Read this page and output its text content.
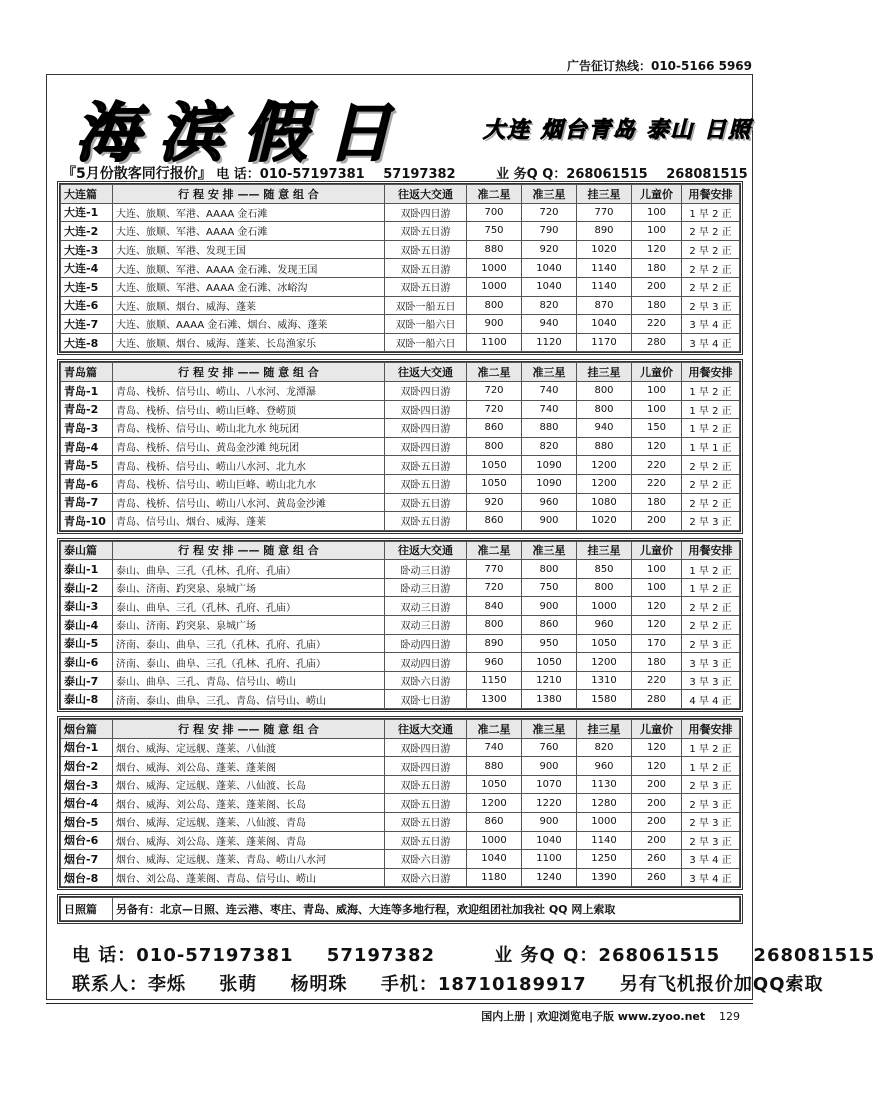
广告征订热线：010-5166 5969
海滨假日	大连 烟台青岛 泰山 日照
『5月份散客同行报价』 电 话：010-57197381 57197382	业 务Q Q：268061515 268081515
大连篇	行 程 安 排 —— 随 意 组 合	往返大交通	准二星	准三星	挂三星	儿童价	用餐安排
大连-1	大连、旅顺、军港、AAAA 金石滩	双卧四日游	700	720	770	100	1 早 2 正
大连-2	大连、旅顺、军港、AAAA 金石滩	双卧五日游	750	790	890	100	2 早 2 正
大连-3	大连、旅顺、军港、发现王国	双卧五日游	880	920	1020	120	2 早 2 正
大连-4	大连、旅顺、军港、AAAA 金石滩、发现王国	双卧五日游	1000	1040	1140	180	2 早 2 正
大连-5	大连、旅顺、军港、AAAA 金石滩、冰峪沟	双卧五日游	1000	1040	1140	200	2 早 2 正
大连-6	大连、旅顺、烟台、威海、蓬莱	双卧一船五日	800	820	870	180	2 早 3 正
大连-7	大连、旅顺、AAAA 金石滩、烟台、威海、蓬莱	双卧一船六日	900	940	1040	220	3 早 4 正
大连-8	大连、旅顺、烟台、威海、蓬莱、长岛渔家乐	双卧一船六日	1100	1120	1170	280	3 早 4 正
青岛篇	行 程 安 排 —— 随 意 组 合	往返大交通	准二星	准三星	挂三星	儿童价	用餐安排
青岛-1	青岛、栈桥、信号山、崂山、八水河、龙潭瀑	双卧四日游	720	740	800	100	1 早 2 正
青岛-2	青岛、栈桥、信号山、崂山巨峰、登崂顶	双卧四日游	720	740	800	100	1 早 2 正
青岛-3	青岛、栈桥、信号山、崂山北九水 纯玩团	双卧四日游	860	880	940	150	1 早 2 正
青岛-4	青岛、栈桥、信号山、黄岛金沙滩 纯玩团	双卧四日游	800	820	880	120	1 早 1 正
青岛-5	青岛、栈桥、信号山、崂山八水河、北九水	双卧五日游	1050	1090	1200	220	2 早 2 正
青岛-6	青岛、栈桥、信号山、崂山巨峰、崂山北九水	双卧五日游	1050	1090	1200	220	2 早 2 正
青岛-7	青岛、栈桥、信号山、崂山八水河、黄岛金沙滩	双卧五日游	920	960	1080	180	2 早 2 正
青岛-10	青岛、信号山、烟台、威海、蓬莱	双卧五日游	860	900	1020	200	2 早 3 正
泰山篇	行 程 安 排 —— 随 意 组 合	往返大交通	准二星	准三星	挂三星	儿童价	用餐安排
泰山-1	泰山、曲阜、三孔（孔林、孔府、孔庙）	卧动三日游	770	800	850	100	1 早 2 正
泰山-2	泰山、济南、趵突泉、泉城广场	卧动三日游	720	750	800	100	1 早 2 正
泰山-3	泰山、曲阜、三孔（孔林、孔府、孔庙）	双动三日游	840	900	1000	120	2 早 2 正
泰山-4	泰山、济南、趵突泉、泉城广场	双动三日游	800	860	960	120	2 早 2 正
泰山-5	济南、泰山、曲阜、三孔（孔林、孔府、孔庙）	卧动四日游	890	950	1050	170	2 早 3 正
泰山-6	济南、泰山、曲阜、三孔（孔林、孔府、孔庙）	双动四日游	960	1050	1200	180	3 早 3 正
泰山-7	泰山、曲阜、三孔、青岛、信号山、崂山	双卧六日游	1150	1210	1310	220	3 早 3 正
泰山-8	济南、泰山、曲阜、三孔、青岛、信号山、崂山	双卧七日游	1300	1380	1580	280	4 早 4 正
烟台篇	行 程 安 排 —— 随 意 组 合	往返大交通	准二星	准三星	挂三星	儿童价	用餐安排
烟台-1	烟台、威海、定远舰、蓬莱、八仙渡	双卧四日游	740	760	820	120	1 早 2 正
烟台-2	烟台、威海、刘公岛、蓬莱、蓬莱阁	双卧四日游	880	900	960	120	1 早 2 正
烟台-3	烟台、威海、定远舰、蓬莱、八仙渡、长岛	双卧五日游	1050	1070	1130	200	2 早 3 正
烟台-4	烟台、威海、刘公岛、蓬莱、蓬莱阁、长岛	双卧五日游	1200	1220	1280	200	2 早 3 正
烟台-5	烟台、威海、定远舰、蓬莱、八仙渡、青岛	双卧五日游	860	900	1000	200	2 早 3 正
烟台-6	烟台、威海、刘公岛、蓬莱、蓬莱阁、青岛	双卧五日游	1000	1040	1140	200	2 早 3 正
烟台-7	烟台、威海、定远舰、蓬莱、青岛、崂山八水河	双卧六日游	1040	1100	1250	260	3 早 4 正
烟台-8	烟台、刘公岛、蓬莱阁、青岛、信号山、崂山	双卧六日游	1180	1240	1390	260	3 早 4 正
日照篇	另备有：北京—日照、连云港、枣庄、青岛、威海、大连等多地行程，欢迎组团社加我社 QQ 网上索取
电 话：010-57197381 57197382	业 务Q Q：268061515 268081515
联系人：李烁 张萌 杨明珠 手机：18710189917 另有飞机报价加QQ索取
国内上册 | 欢迎浏览电子版 www.zyoo.net 129
